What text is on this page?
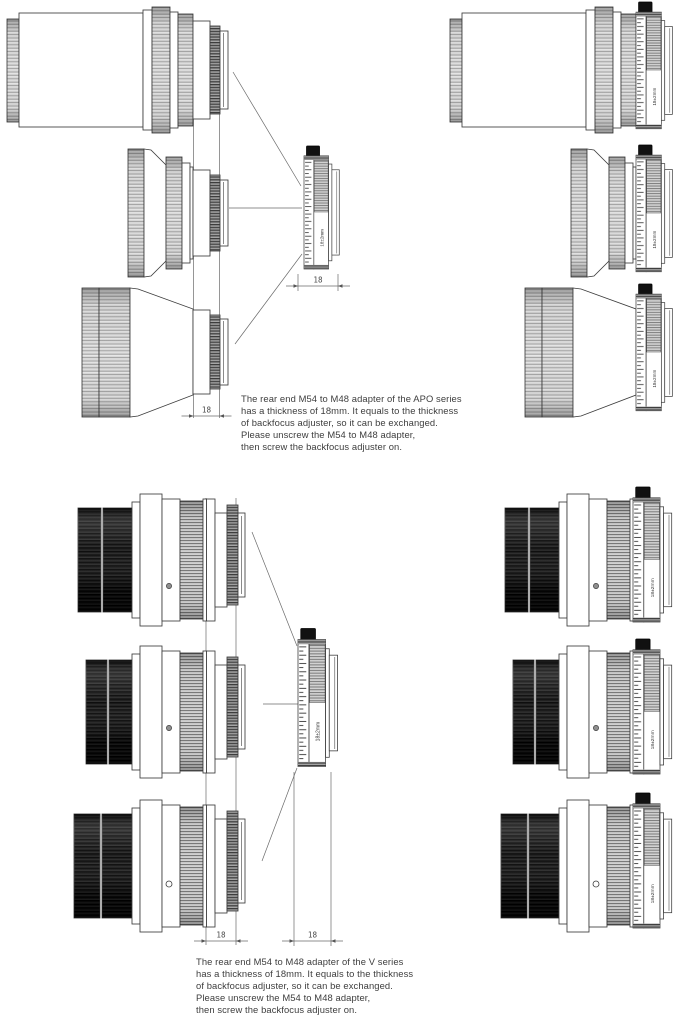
18
18
The rear end M54 to M48 adapter of the APO series
has a thickness of 18mm. It equals to the thickness
of backfocus adjuster, so it can be exchanged.
Please unscrew the M54 to M48 adapter,
then screw the backfocus adjuster on.
18	18
The rear end M54 to M48 adapter of the V series
has a thickness of 18mm. It equals to the thickness
of backfocus adjuster, so it can be exchanged.
Please unscrew the M54 to M48 adapter,
then screw the backfocus adjuster on.
